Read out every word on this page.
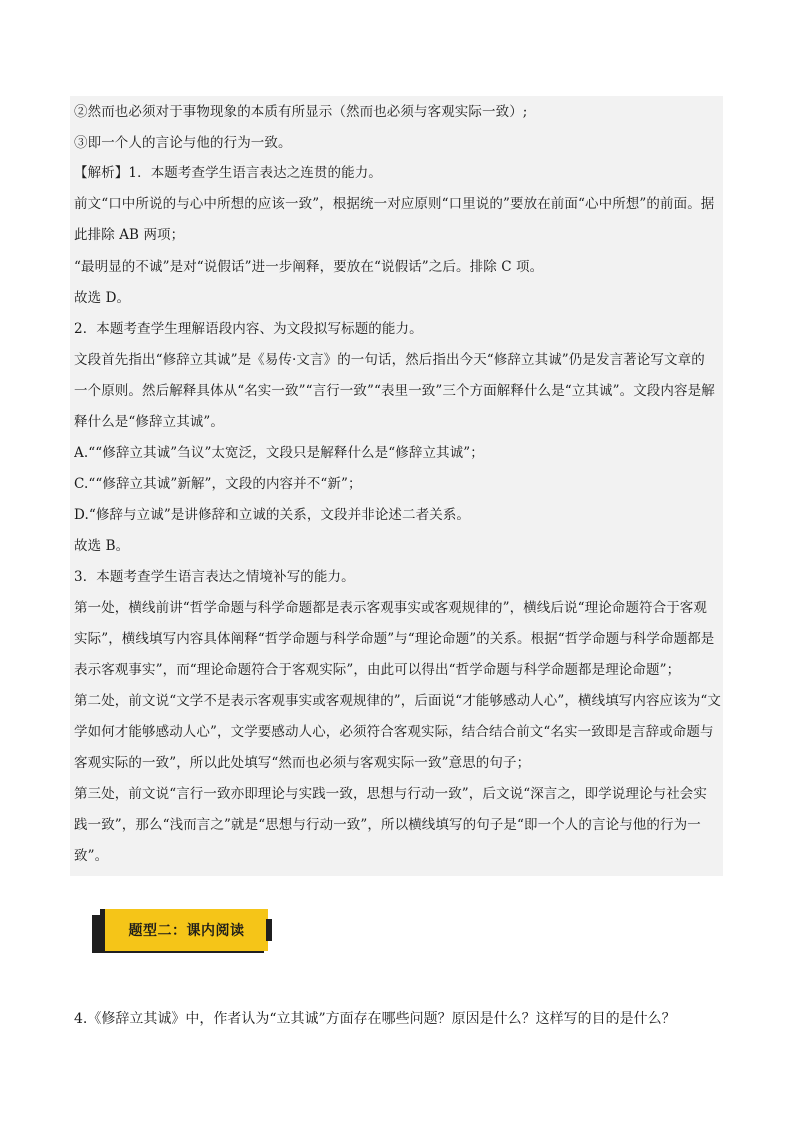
②然而也必须对于事物现象的本质有所显示（然而也必须与客观实际一致）;
③即一个人的言论与他的行为一致。
【解析】1．本题考查学生语言表达之连贯的能力。
前文“口中所说的与心中所想的应该一致”，根据统一对应原则“口里说的”要放在前面“心中所想”的前面。据
此排除 AB 两项；
“最明显的不诚”是对“说假话”进一步阐释，要放在“说假话”之后。排除 C 项。
故选 D。
2．本题考查学生理解语段内容、为文段拟写标题的能力。
文段首先指出“修辞立其诚”是《易传·文言》的一句话，然后指出今天“修辞立其诚”仍是发言著论写文章的
一个原则。然后解释具体从“名实一致”“言行一致”“表里一致”三个方面解释什么是“立其诚”。文段内容是解
释什么是“修辞立其诚”。
A.““修辞立其诚”刍议”太宽泛，文段只是解释什么是“修辞立其诚”；
C.““修辞立其诚”新解”，文段的内容并不“新”；
D.“修辞与立诚”是讲修辞和立诚的关系，文段并非论述二者关系。
故选 B。
3．本题考查学生语言表达之情境补写的能力。
第一处，横线前讲“哲学命题与科学命题都是表示客观事实或客观规律的”，横线后说“理论命题符合于客观
实际”，横线填写内容具体阐释“哲学命题与科学命题”与“理论命题”的关系。根据“哲学命题与科学命题都是
表示客观事实”，而“理论命题符合于客观实际”，由此可以得出“哲学命题与科学命题都是理论命题”；
第二处，前文说“文学不是表示客观事实或客观规律的”，后面说“才能够感动人心”，横线填写内容应该为“文
学如何才能够感动人心”，文学要感动人心，必须符合客观实际，结合结合前文“名实一致即是言辞或命题与
客观实际的一致”，所以此处填写“然而也必须与客观实际一致”意思的句子；
第三处，前文说“言行一致亦即理论与实践一致，思想与行动一致”，后文说“深言之，即学说理论与社会实
践一致”，那么“浅而言之”就是“思想与行动一致”，所以横线填写的句子是“即一个人的言论与他的行为一
致”。
题型二：课内阅读
4.《修辞立其诚》中，作者认为“立其诚”方面存在哪些问题？原因是什么？这样写的目的是什么？
